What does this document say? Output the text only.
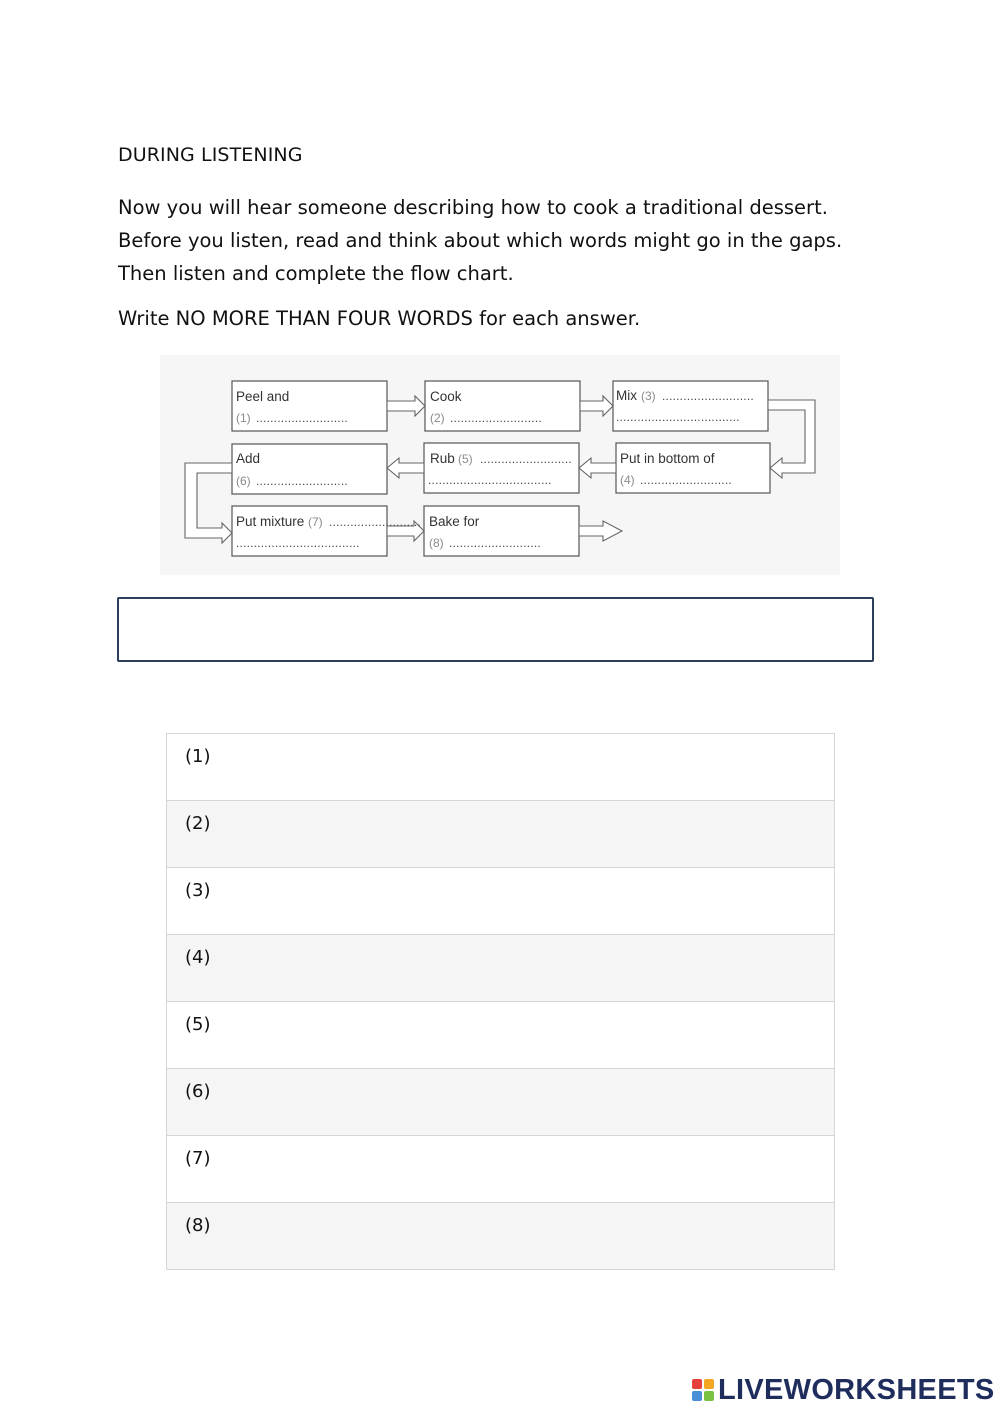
DURING LISTENING

Now you will hear someone describing how to cook a traditional dessert.

Before you listen, read and think about which words might go in the gaps.

Then listen and complete the flow chart.

Write NO MORE THAN FOUR WORDS for each answer.
Peel and
(1) ..........................
Cook
(2) ..........................
Mix (3) ..........................
...................................
Put in bottom of
(4) ..........................
Rub (5) ..........................
...................................
Add
(6) ..........................
Put mixture (7) ..........................
...................................
Bake for
(8) ..........................
(1)
(2)
(3)
(4)
(5)
(6)
(7)
(8)
LIVEWORKSHEETS
